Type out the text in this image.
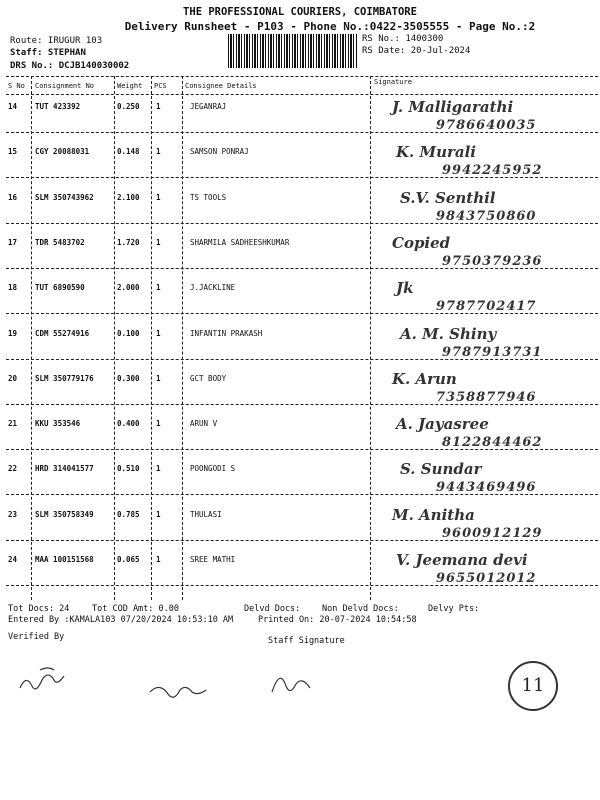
THE PROFESSIONAL COURIERS, COIMBATORE
Delivery Runsheet - P103 - Phone No.:0422-3505555 - Page No.:2
Route: IRUGUR 103
Staff: STEPHAN
DRS No.: DCJB140030002
RS No.: 1400300
RS Date: 20-Jul-2024
S No Consignment No	Weight PCS	Consignee Details	Signature
14 TUT 423392	0.250 1	JEGANRAJ	J. Malligarathi
9786640035
15 CGY 20088031	0.148 1	SAMSON PONRAJ	K. Murali
9942245952
16 SLM 350743962	2.100 1	TS TOOLS	S.V. Senthil
9843750860
17 TDR 5483702	1.720 1	SHARMILA SADHEESHKUMAR	Copied
9750379236
18 TUT 6890590	2.000 1	J.JACKLINE	Jk
9787702417
19 CDM 55274916	0.100 1	INFANTIN PRAKASH	A. M. Shiny
9787913731
20 SLM 350779176	0.300 1	GCT BODY	K. Arun
7358877946
21 KKU 353546	0.400 1	ARUN V	A. Jayasree
8122844462
22 HRD 314041577	0.510 1	POONGODI S	S. Sundar
9443469496
23 SLM 350758349	0.785 1	THULASI	M. Anitha
9600912129
24 MAA 100151568	0.065 1	SREE MATHI	V. Jeemana devi
9655012012
Tot Docs: 24	Tot COD Amt: 0.00	Delvd Docs:	Non Delvd Docs:	Delvy Pts:
Entered By :KAMALA103 07/20/2024 10:53:10 AM	Printed On: 20-07-2024 10:54:58
Verified By	Staff Signature
11
